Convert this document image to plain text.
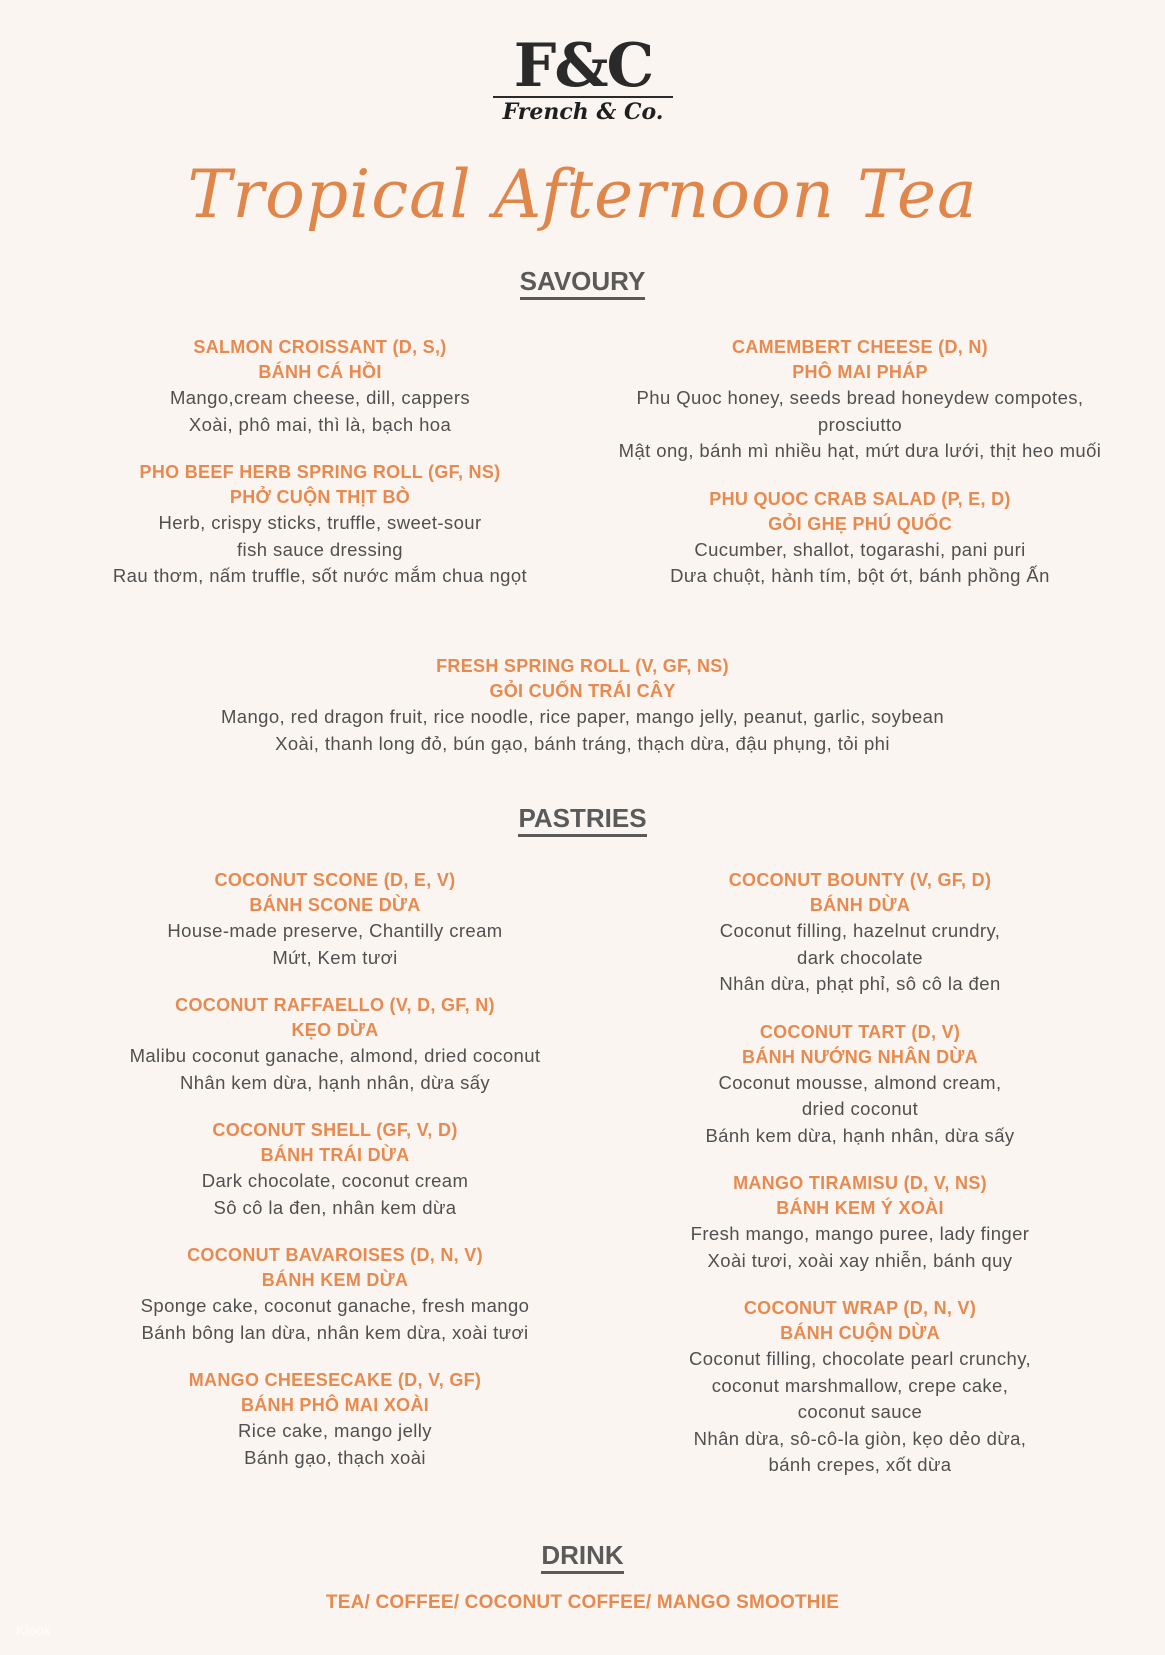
F&C
French & Co.
Tropical Afternoon Tea
SAVOURY
SALMON CROISSANT (D, S,)
BÁNH CÁ HỒI
Mango,cream cheese, dill, cappers
Xoài, phô mai, thì là, bạch hoa
PHO BEEF HERB SPRING ROLL (GF, NS)
PHỞ CUỘN THỊT BÒ
Herb, crispy sticks, truffle, sweet-sour
fish sauce dressing
Rau thơm, nấm truffle, sốt nước mắm chua ngọt
CAMEMBERT CHEESE (D, N)
PHÔ MAI PHÁP
Phu Quoc honey, seeds bread honeydew compotes,
prosciutto
Mật ong, bánh mì nhiều hạt, mứt dưa lưới, thịt heo muối
PHU QUOC CRAB SALAD (P, E, D)
GỎI GHẸ PHÚ QUỐC
Cucumber, shallot, togarashi, pani puri
Dưa chuột, hành tím, bột ớt, bánh phồng Ấn
FRESH SPRING ROLL (V, GF, NS)
GỎI CUỐN TRÁI CÂY
Mango, red dragon fruit, rice noodle, rice paper, mango jelly, peanut, garlic, soybean
Xoài, thanh long đỏ, bún gạo, bánh tráng, thạch dừa, đậu phụng, tỏi phi
PASTRIES
COCONUT SCONE (D, E, V)
BÁNH SCONE DỪA
House-made preserve, Chantilly cream
Mứt, Kem tươi
COCONUT RAFFAELLO (V, D, GF, N)
KẸO DỪA
Malibu coconut ganache, almond, dried coconut
Nhân kem dừa, hạnh nhân, dừa sấy
COCONUT SHELL (GF, V, D)
BÁNH TRÁI DỪA
Dark chocolate, coconut cream
Sô cô la đen, nhân kem dừa
COCONUT BAVAROISES (D, N, V)
BÁNH KEM DỪA
Sponge cake, coconut ganache, fresh mango
Bánh bông lan dừa, nhân kem dừa, xoài tươi
MANGO CHEESECAKE (D, V, GF)
BÁNH PHÔ MAI XOÀI
Rice cake, mango jelly
Bánh gạo, thạch xoài
COCONUT BOUNTY (V, GF, D)
BÁNH DỪA
Coconut filling, hazelnut crundry,
dark chocolate
Nhân dừa, phạt phỉ, sô cô la đen
COCONUT TART (D, V)
BÁNH NƯỚNG NHÂN DỪA
Coconut mousse, almond cream,
dried coconut
Bánh kem dừa, hạnh nhân, dừa sấy
MANGO TIRAMISU (D, V, NS)
BÁNH KEM Ý XOÀI
Fresh mango, mango puree, lady finger
Xoài tươi, xoài xay nhiễn, bánh quy
COCONUT WRAP (D, N, V)
BÁNH CUỘN DỪA
Coconut filling, chocolate pearl crunchy,
coconut marshmallow, crepe cake,
coconut sauce
Nhân dừa, sô-cô-la giòn, kẹo dẻo dừa,
bánh crepes, xốt dừa
DRINK
TEA/ COFFEE/ COCONUT COFFEE/ MANGO SMOOTHIE
Klook
